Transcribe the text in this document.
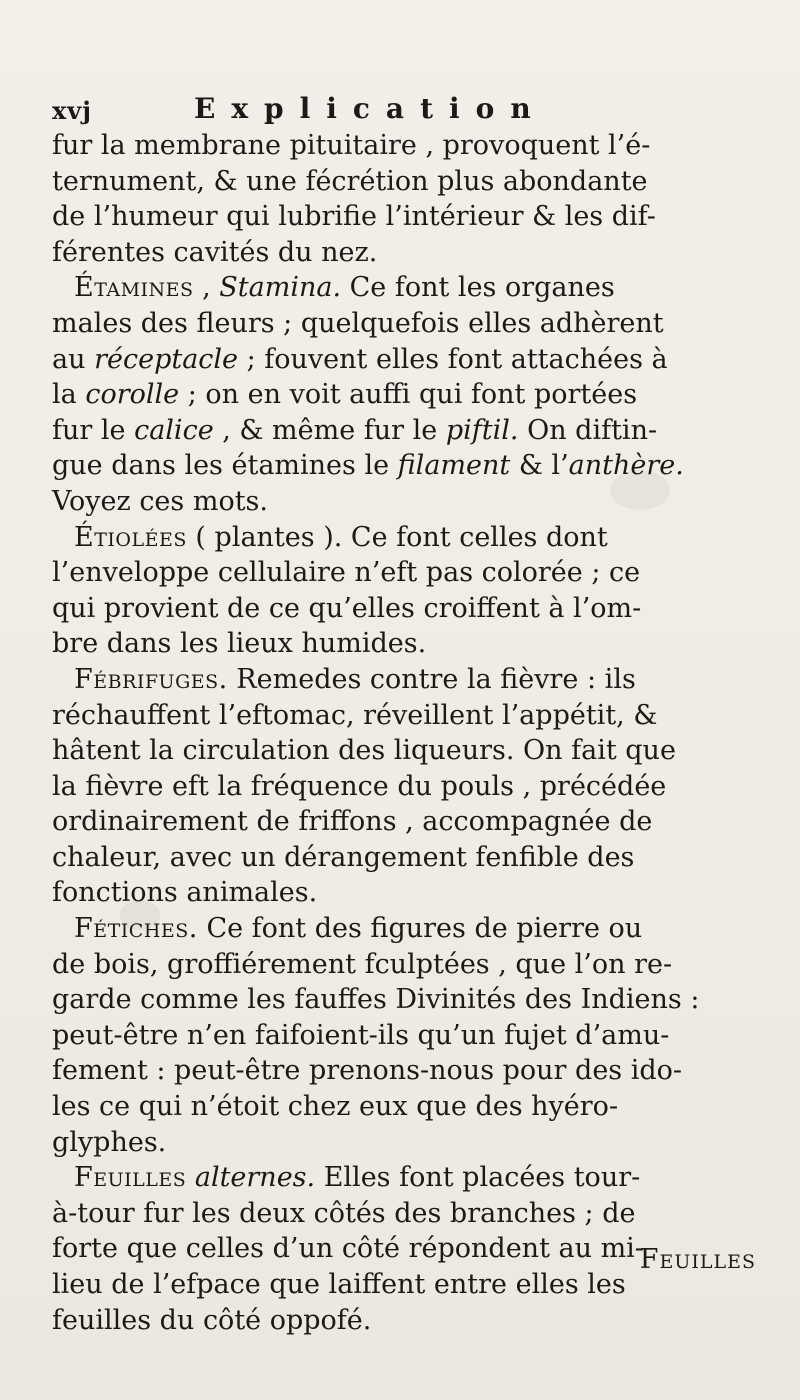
xvj	Explication

fur la membrane pituitaire , provoquent l’é-
ternument, & une fécrétion plus abondante
de l’humeur qui lubrifie l’intérieur & les dif-
férentes cavités du nez.

Étamines , Stamina. Ce font les organes
males des fleurs ; quelquefois elles adhèrent
au réceptacle ; fouvent elles font attachées à
la corolle ; on en voit auffi qui font portées
fur le calice , & même fur le piftil. On diftin-
gue dans les étamines le filament & l’anthère.
Voyez ces mots.

Étiolées ( plantes ). Ce font celles dont
l’enveloppe cellulaire n’eft pas colorée ; ce
qui provient de ce qu’elles croiffent à l’om-
bre dans les lieux humides.

Fébrifuges. Remedes contre la fièvre : ils
réchauffent l’eftomac, réveillent l’appétit, &
hâtent la circulation des liqueurs. On fait que
la fièvre eft la fréquence du pouls , précédée
ordinairement de friffons , accompagnée de
chaleur, avec un dérangement fenfible des
fonctions animales.

Fétiches. Ce font des figures de pierre ou
de bois, groffiérement fculptées , que l’on re-
garde comme les fauffes Divinités des Indiens :
peut-être n’en faifoient-ils qu’un fujet d’amu-
fement : peut-être prenons-nous pour des ido-
les ce qui n’étoit chez eux que des hyéro-
glyphes.

Feuilles alternes. Elles font placées tour-
à-tour fur les deux côtés des branches ; de
forte que celles d’un côté répondent au mi-
lieu de l’efpace que laiffent entre elles les
feuilles du côté oppofé.

Feuilles
